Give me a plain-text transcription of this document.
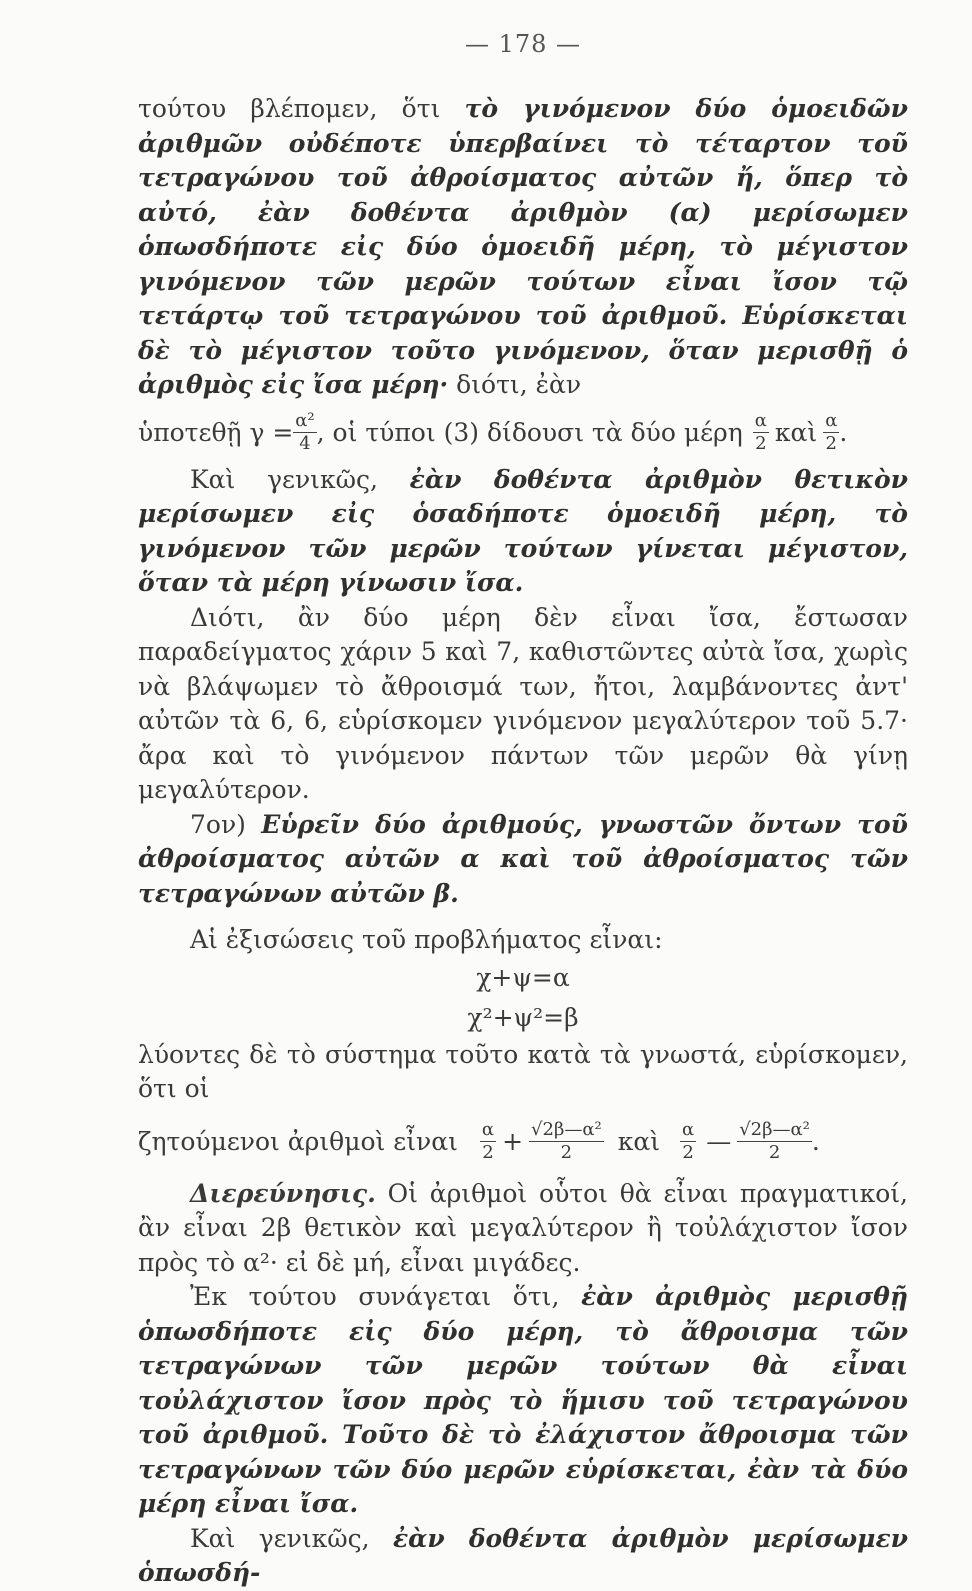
— 178 —

τούτου βλέπομεν, ὅτι τὸ γινόμενον δύο ὁμοειδῶν ἀριθμῶν οὐδέποτε ὑπερβαίνει τὸ τέταρτον τοῦ τετραγώνου τοῦ ἀθροίσματος αὐτῶν ἤ, ὅπερ τὸ αὐτό, ἐὰν δοθέντα ἀριθμὸν (α) μερίσωμεν ὁπωσδήποτε εἰς δύο ὁμοειδῆ μέρη, τὸ μέγιστον γινόμενον τῶν μερῶν τούτων εἶναι ἴσον τῷ τετάρτῳ τοῦ τετραγώνου τοῦ ἀριθμοῦ. Εὑρίσκεται δὲ τὸ μέγιστον τοῦτο γινόμενον, ὅταν μερισθῇ ὁ ἀριθμὸς εἰς ἴσα μέρη· διότι, ἐὰν

ὑποτεθῇ $\gamma = \frac{\text{α²}}{4}$ , οἱ τύποι (3) δίδουσι τὰ δύο μέρη $\frac{\alpha}{2}$ καὶ $\frac{\alpha}{2}$ .

Καὶ γενικῶς, ἐὰν δοθέντα ἀριθμὸν θετικὸν μερίσωμεν εἰς ὁσαδήποτε ὁμοειδῆ μέρη, τὸ γινόμενον τῶν μερῶν τούτων γίνεται μέγιστον, ὅταν τὰ μέρη γίνωσιν ἴσα.

Διότι, ἂν δύο μέρη δὲν εἶναι ἴσα, ἔστωσαν παραδείγματος χάριν 5 καὶ 7, καθιστῶντες αὐτὰ ἴσα, χωρὶς νὰ βλάψωμεν τὸ ἄθροισμά των, ἤτοι, λαμβάνοντες ἀντ' αὐτῶν τὰ 6, 6, εὑρίσκομεν γινόμενον μεγαλύτερον τοῦ 5.7· ἄρα καὶ τὸ γινόμενον πάντων τῶν μερῶν θὰ γίνῃ μεγαλύτερον.

7ον) Εὑρεῖν δύο ἀριθμούς, γνωστῶν ὄντων τοῦ ἀθροίσματος αὐτῶν α καὶ τοῦ ἀθροίσματος τῶν τετραγώνων αὐτῶν β.

Αἱ ἐξισώσεις τοῦ προβλήματος εἶναι:

χ+ψ=α
χ²+ψ²=β

λύοντες δὲ τὸ σύστημα τοῦτο κατὰ τὰ γνωστά, εὑρίσκομεν, ὅτι οἱ

ζητούμενοι ἀριθμοὶ εἶναι $\frac{\alpha}{2} + \frac{\text{√2β—α²}}{2}$ καὶ $\frac{\alpha}{2}$ — $\frac{\text{√2β—α²}}{2}$ .

Διερεύνησις. Οἱ ἀριθμοὶ οὗτοι θὰ εἶναι πραγματικοί, ἂν εἶναι 2β θετικὸν καὶ μεγαλύτερον ἢ τοὐλάχιστον ἴσον πρὸς τὸ α²· εἰ δὲ μή, εἶναι μιγάδες.

Ἐκ τούτου συνάγεται ὅτι, ἐὰν ἀριθμὸς μερισθῇ ὁπωσδήποτε εἰς δύο μέρη, τὸ ἄθροισμα τῶν τετραγώνων τῶν μερῶν τούτων θὰ εἶναι τοὐλάχιστον ἴσον πρὸς τὸ ἥμισυ τοῦ τετραγώνου τοῦ ἀριθμοῦ. Τοῦτο δὲ τὸ ἐλάχιστον ἄθροισμα τῶν τετραγώνων τῶν δύο μερῶν εὑρίσκεται, ἐὰν τὰ δύο μέρη εἶναι ἴσα.

Καὶ γενικῶς, ἐὰν δοθέντα ἀριθμὸν μερίσωμεν ὁπωσδή-
